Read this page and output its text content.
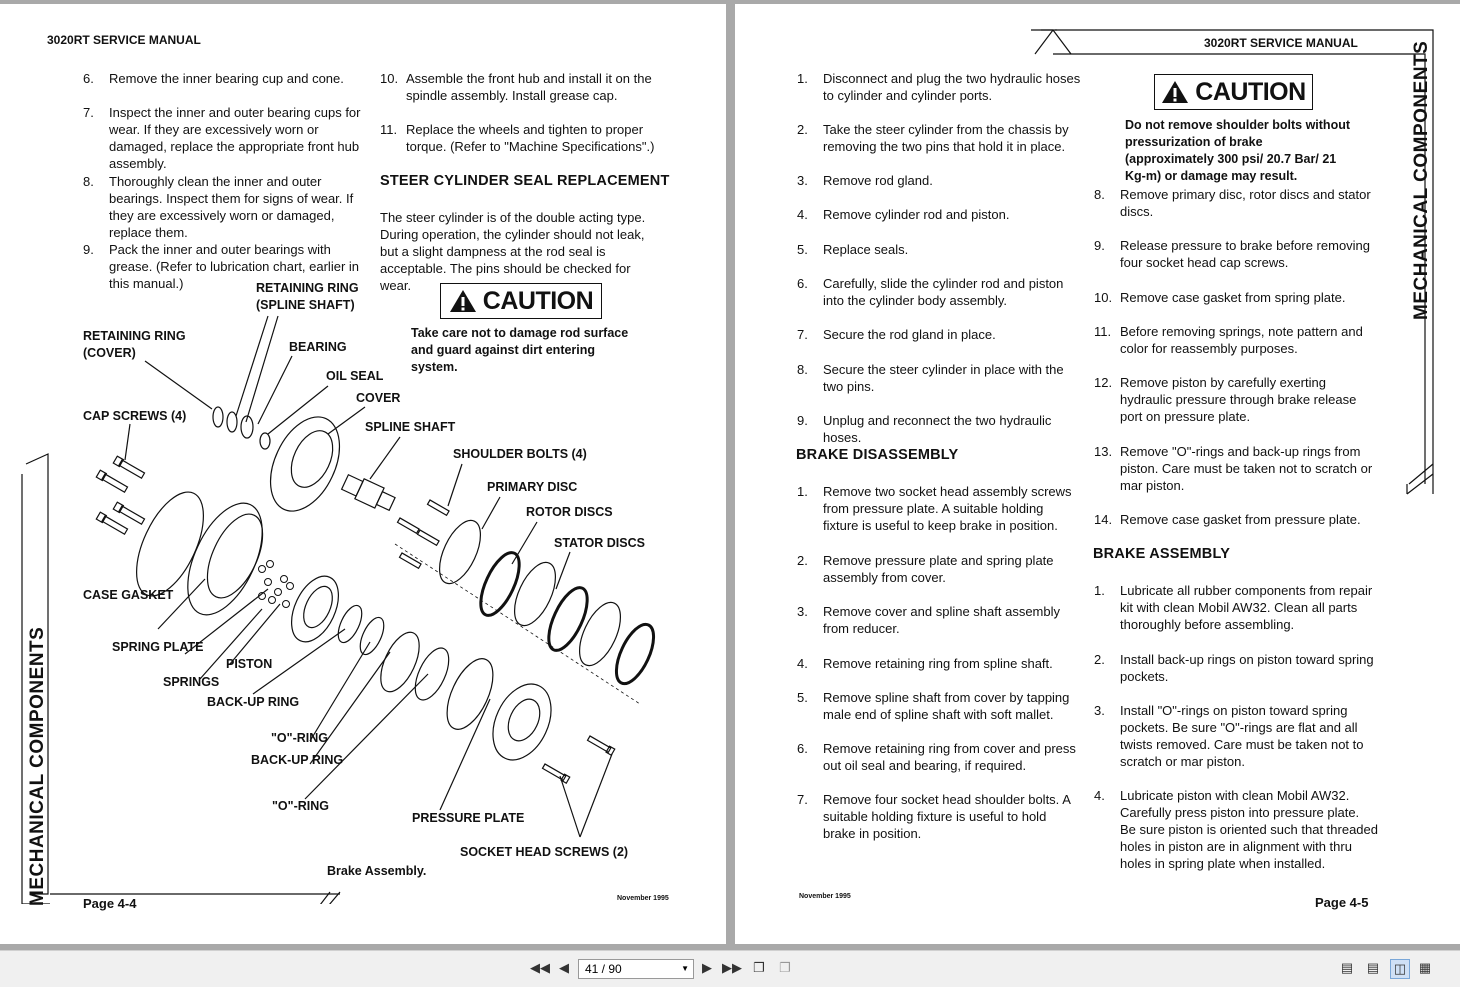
3020RT SERVICE MANUAL
6. Remove the inner bearing cup and cone.
7. Inspect the inner and outer bearing cups for wear. If they are excessively worn or damaged, replace the appropriate front hub assembly.
8. Thoroughly clean the inner and outer bearings. Inspect them for signs of wear. If they are excessively worn or damaged, replace them.
9. Pack the inner and outer bearings with grease. (Refer to lubrication chart, earlier in this manual.)
10. Assemble the front hub and install it on the spindle assembly. Install grease cap.
11. Replace the wheels and tighten to proper torque. (Refer to "Machine Specifications".)
STEER CYLINDER SEAL REPLACEMENT
The steer cylinder is of the double acting type. During operation, the cylinder should not leak, but a slight dampness at the rod seal is acceptable. The pins should be checked for wear.
CAUTION
Take care not to damage rod surface and guard against dirt entering system.
RETAINING RING
(SPLINE SHAFT)
RETAINING RING
(COVER)	BEARING
OIL SEAL
COVER
CAP SCREWS (4)
SPLINE SHAFT
SHOULDER BOLTS (4)
PRIMARY DISC
ROTOR DISCS
STATOR DISCS
CASE GASKET
SPRING PLATE
PISTON
SPRINGS
BACK-UP RING
"O"-RING
BACK-UP RING
"O"-RING
PRESSURE PLATE
SOCKET HEAD SCREWS (2)
Brake Assembly.
MECHANICAL COMPONENTS	Page 4-4	November 1995
3020RT SERVICE MANUAL	MECHANICAL COMPONENTS
1. Disconnect and plug the two hydraulic hoses to cylinder and cylinder ports.
2. Take the steer cylinder from the chassis by removing the two pins that hold it in place.
3. Remove rod gland.
4. Remove cylinder rod and piston.
5. Replace seals.
6. Carefully, slide the cylinder rod and piston into the cylinder body assembly.
7. Secure the rod gland in place.
8. Secure the steer cylinder in place with the two pins.
9. Unplug and reconnect the two hydraulic hoses.
BRAKE DISASSEMBLY
1. Remove two socket head assembly screws from pressure plate. A suitable holding fixture is useful to keep brake in position.
2. Remove pressure plate and spring plate assembly from cover.
3. Remove cover and spline shaft assembly from reducer.
4. Remove retaining ring from spline shaft.
5. Remove spline shaft from cover by tapping male end of spline shaft with soft mallet.
6. Remove retaining ring from cover and press out oil seal and bearing, if required.
7. Remove four socket head shoulder bolts. A suitable holding fixture is useful to hold brake in position.
CAUTION
Do not remove shoulder bolts without pressurization of brake (approximately 300 psi/ 20.7 Bar/ 21 Kg-m) or damage may result.
8. Remove primary disc, rotor discs and stator discs.
9. Release pressure to brake before removing four socket head cap screws.
10. Remove case gasket from spring plate.
11. Before removing springs, note pattern and color for reassembly purposes.
12. Remove piston by carefully exerting hydraulic pressure through brake release port on pressure plate.
13. Remove "O"-rings and back-up rings from piston. Care must be taken not to scratch or mar piston.
14. Remove case gasket from pressure plate.
BRAKE ASSEMBLY
1. Lubricate all rubber components from repair kit with clean Mobil AW32. Clean all parts thoroughly before assembling.
2. Install back-up rings on piston toward spring pockets.
3. Install "O"-rings on piston toward spring pockets. Be sure "O"-rings are flat and all twists removed. Care must be taken not to scratch or mar piston.
4. Lubricate piston with clean Mobil AW32. Carefully press piston into pressure plate. Be sure piston is oriented such that threaded holes in piston are in alignment with thru holes in spring plate when installed.
November 1995	Page 4-5
◀◀ ◀	41 / 90	▼	▶ ▶▶ ❐ ❐	▤ ▤ ◫ ▦
